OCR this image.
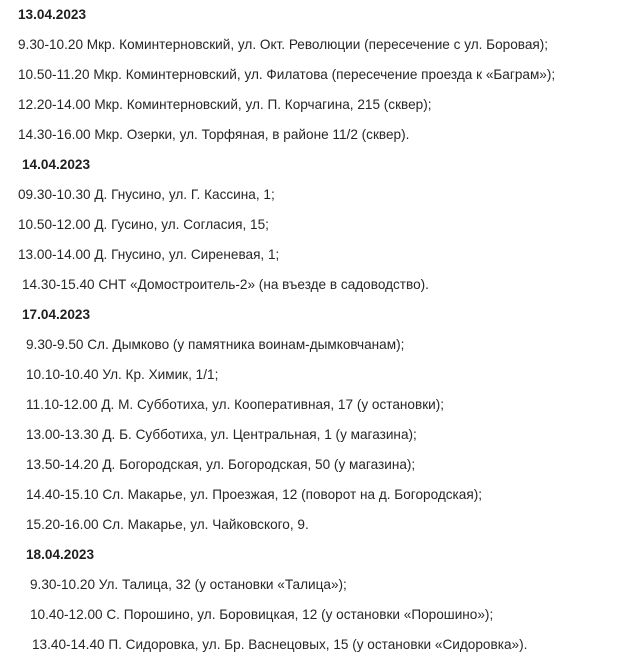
13.04.2023
9.30-10.20 Мкр. Коминтерновский, ул. Окт. Революции (пересечение с ул. Боровая);
10.50-11.20 Мкр. Коминтерновский, ул. Филатова (пересечение проезда к «Баграм»);
12.20-14.00 Мкр. Коминтерновский, ул. П. Корчагина, 215 (сквер);
14.30-16.00 Мкр. Озерки, ул. Торфяная, в районе 11/2 (сквер).
14.04.2023
09.30-10.30 Д. Гнусино, ул. Г. Кассина, 1;
10.50-12.00 Д. Гусино, ул. Согласия, 15;
13.00-14.00 Д. Гнусино, ул. Сиреневая, 1;
14.30-15.40 СНТ «Домостроитель-2» (на въезде в садоводство).
17.04.2023
9.30-9.50 Сл. Дымково (у памятника воинам-дымковчанам);
10.10-10.40 Ул. Кр. Химик, 1/1;
11.10-12.00 Д. М. Субботиха, ул. Кооперативная, 17 (у остановки);
13.00-13.30 Д. Б. Субботиха, ул. Центральная, 1 (у магазина);
13.50-14.20 Д. Богородская, ул. Богородская, 50 (у магазина);
14.40-15.10 Сл. Макарье, ул. Проезжая, 12 (поворот на д. Богородская);
15.20-16.00 Сл. Макарье, ул. Чайковского, 9.
18.04.2023
9.30-10.20 Ул. Талица, 32 (у остановки «Талица»);
10.40-12.00 С. Порошино, ул. Боровицкая, 12 (у остановки «Порошино»);
13.40-14.40 П. Сидоровка, ул. Бр. Васнецовых, 15 (у остановки «Сидоровка»).
